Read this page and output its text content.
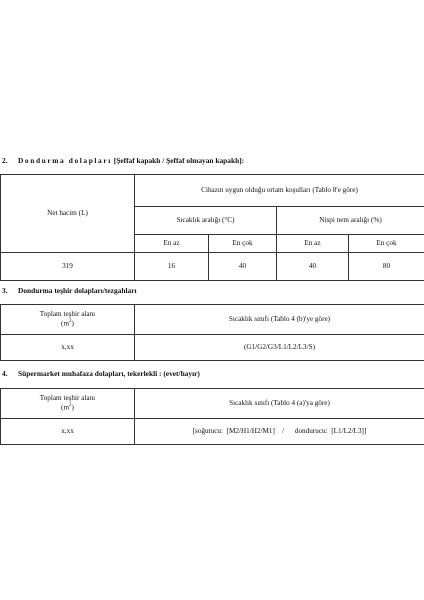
2. Dondurma dolapları [Şeffaf kapaklı / Şeffaf olmayan kapaklı]:
Net hacim (L)	Cihazın uygun olduğu ortam koşulları (Tablo 8'e göre)			
	Sıcaklık aralığı (°C)		Nispi nem aralığı (%)	
	En az	En çok	En az	En çok
319	16	40	40	80
3. Dondurma teşhir dolapları/tezgahları
Toplam teşhir alanı
$(m^2)$	Sıcaklık sınıfı (Tablo 4 (b)'ye göre)
x,xx	(G1/G2/G3/L1/L2/L3/S)
4. Süpermarket muhafaza dolapları, tekerlekli : (evet/hayır)
Toplam teşhir alanı
$(m^2)$	Sıcaklık sınıfı (Tablo 4 (a)'ya göre)
x,xx	[soğutucu:  [M2/H1/H2/M1]    /      dondurucu:  [L1/L2/L3]]
